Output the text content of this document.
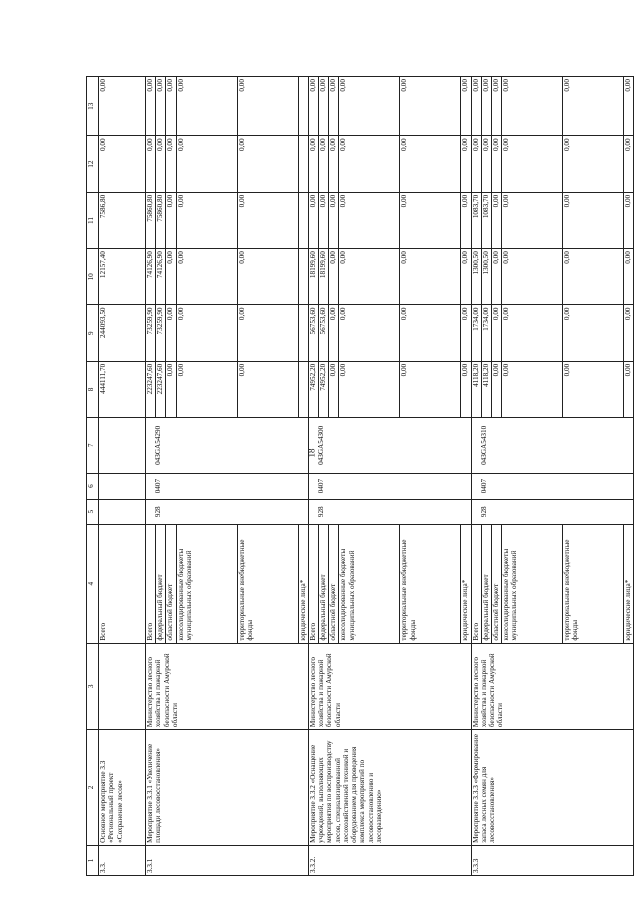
18
1	2	3	4	5	6	7	8	9	10	11	12	13
3.3.	Основное мероприятие 3.3 «Региональный проект «Сохранение лесов»		Всего				444111,70	244093,50	12157,40	7586,80	0,00	0,00
3.3.1	Мероприятие 3.3.1 «Увеличение площади лесовосстановления»	Министерство лесного хозяйства и пожарной безопасности Амурской области	Всего	928	0407	043GA54290	223247,60	73259,90	74126,90	75860,80	0,00	0,00
			федеральный бюджет				223247,60	73259,90	74126,90	75860,80	0,00	0,00
			областной бюджет				0,00	0,00	0,00	0,00	0,00	0,00
			консолидированные бюджеты муниципальных образований				0,00	0,00	0,00	0,00	0,00	0,00
			территориальные внебюджетные фонды				0,00	0,00	0,00	0,00	0,00	0,00
			юридические лица*									
3.3.2.	Мероприятие 3.3.2 «Оснащение учреждений, выполняющих мероприятия по воспроизводству лесов, специализированной лесохозяйственной техникой и оборудованием для проведения комплекса мероприятий по лесовосстановлению и лесоразведению»	Министерство лесного хозяйства и пожарной безопасности Амурской области	Всего	928	0407	043GA54300	74952,20	56753,60	18199,60	0,00	0,00	0,00
			федеральный бюджет				74952,20	56753,60	18199,60	0,00	0,00	0,00
			областной бюджет				0,00	0,00	0,00	0,00	0,00	0,00
			консолидированные бюджеты муниципальных образований				0,00	0,00	0,00	0,00	0,00	0,00
			территориальные внебюджетные фонды				0,00	0,00	0,00	0,00	0,00	0,00
			юридические лица*				0,00	0,00	0,00	0,00	0,00	0,00
3.3.3	Мероприятие 3.3.3 «Формирование запаса лесных семян для лесовосстановления»	Министерство лесного хозяйства и пожарной безопасности Амурской области	Всего	928	0407	043GA54310	4118,20	1734,00	1300,50	1083,70	0,00	0,00
			федеральный бюджет				4118,20	1734,00	1300,50	1083,70	0,00	0,00
			областной бюджет				0,00	0,00	0,00	0,00	0,00	0,00
			консолидированные бюджеты муниципальных образований				0,00	0,00	0,00	0,00	0,00	0,00
			территориальные внебюджетные фонды				0,00	0,00	0,00	0,00	0,00	0,00
			юридические лица*				0,00	0,00	0,00	0,00	0,00	0,00
